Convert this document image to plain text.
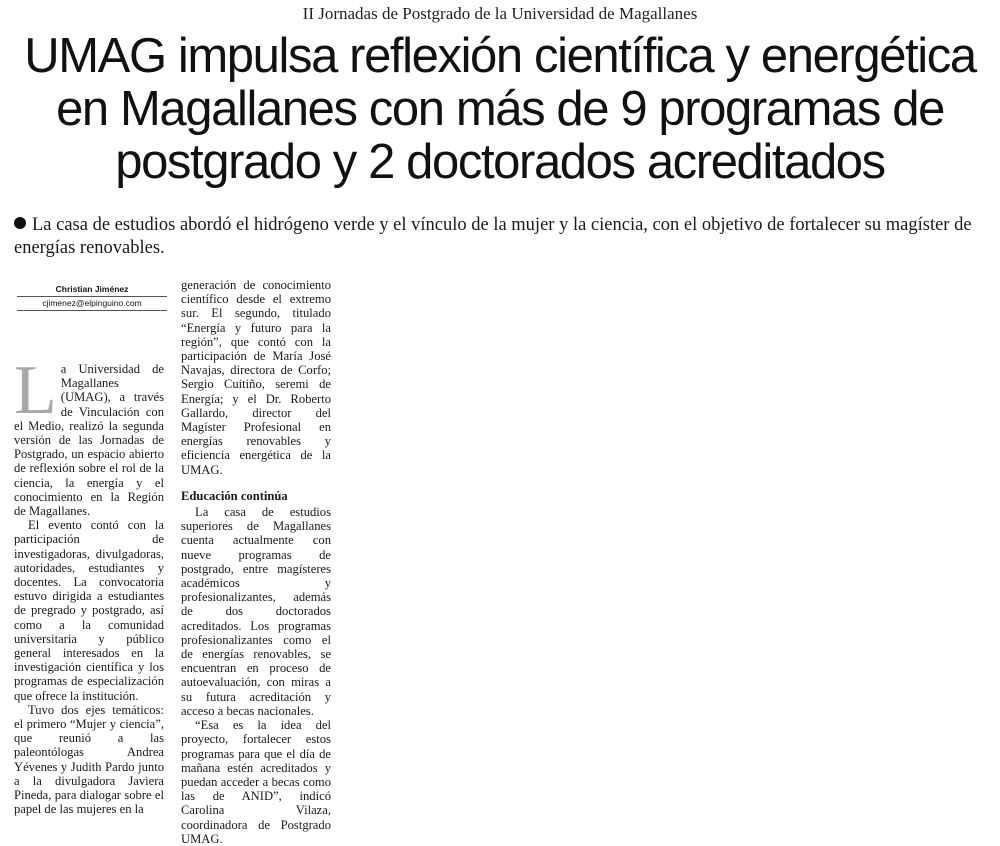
II Jornadas de Postgrado de la Universidad de Magallanes
UMAG impulsa reflexión científica y energética
en Magallanes con más de 9 programas de
postgrado y 2 doctorados acreditados
La casa de estudios abordó el hidrógeno verde y el vínculo de la mujer y la ciencia, con el objetivo de fortalecer su magíster de energías renovables.
Christian Jiménez
cjimenez@elpinguino.com

La Universidad de Magallanes (UMAG), a través de Vinculación con el Medio, realizó la segunda versión de las Jornadas de Postgrado, un espacio abierto de reflexión sobre el rol de la ciencia, la energía y el conocimiento en la Región de Magallanes.

El evento contó con la participación de investigadoras, divulgadoras, autoridades, estudiantes y docentes. La convocatoria estuvo dirigida a estudiantes de pregrado y postgrado, así como a la comunidad universitaria y público general interesados en la investigación científica y los programas de especialización que ofrece la institución.

Tuvo dos ejes temáticos: el primero “Mujer y ciencia”, que reunió a las paleontólogas Andrea Yévenes y Judith Pardo junto a la divulgadora Javiera Pineda, para dialogar sobre el papel de las mujeres en la

generación de conocimiento científico desde el extremo sur. El segundo, titulado “Energía y futuro para la región”, que contó con la participación de María José Navajas, directora de Corfo; Sergio Cuitiño, seremi de Energía; y el Dr. Roberto Gallardo, director del Magíster Profesional en energías renovables y eficiencia energética de la UMAG.

Educación continúa

La casa de estudios superiores de Magallanes cuenta actualmente con nueve programas de postgrado, entre magísteres académicos y profesionalizantes, además de dos doctorados acreditados. Los programas profesionalizantes como el de energías renovables, se encuentran en proceso de autoevaluación, con miras a su futura acreditación y acceso a becas nacionales.

“Esa es la idea del proyecto, fortalecer estos programas para que el día de mañana estén acreditados y puedan acceder a becas como las de ANID”, indicó Carolina Vilaza, coordinadora de Postgrado UMAG.
